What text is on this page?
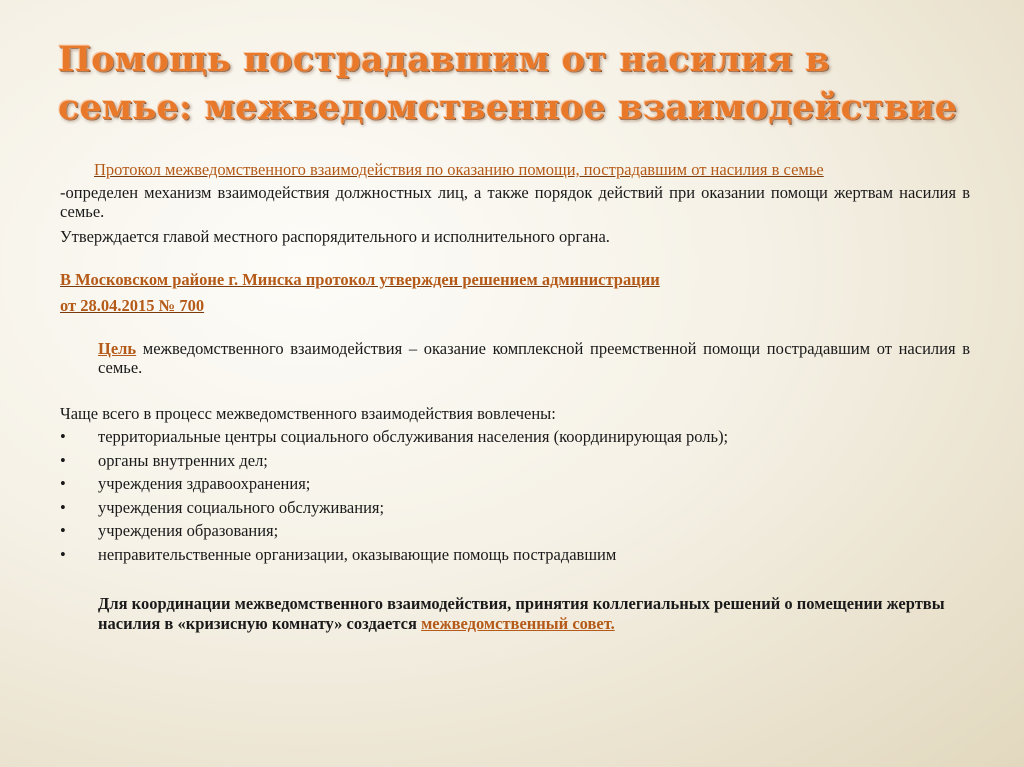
Помощь пострадавшим от насилия в
семье: межведомственное взаимодействие

Протокол межведомственного взаимодействия по оказанию помощи, пострадавшим от насилия в семье

-определен механизм взаимодействия должностных лиц, а также порядок действий при оказании помощи жертвам насилия в семье.

Утверждается главой местного распорядительного и исполнительного органа.

В Московском районе г. Минска протокол утвержден решением администрации

от 28.04.2015 № 700

Цель межведомственного взаимодействия – оказание комплексной преемственной помощи пострадавшим от насилия в семье.

Чаще всего в процесс межведомственного взаимодействия вовлечены:

• территориальные центры социального обслуживания населения (координирующая роль);
• органы внутренних дел;
• учреждения здравоохранения;
• учреждения социального обслуживания;
• учреждения образования;
• неправительственные организации, оказывающие помощь пострадавшим

Для координации межведомственного взаимодействия, принятия коллегиальных решений о помещении жертвы насилия в «кризисную комнату» создается межведомственный совет.
